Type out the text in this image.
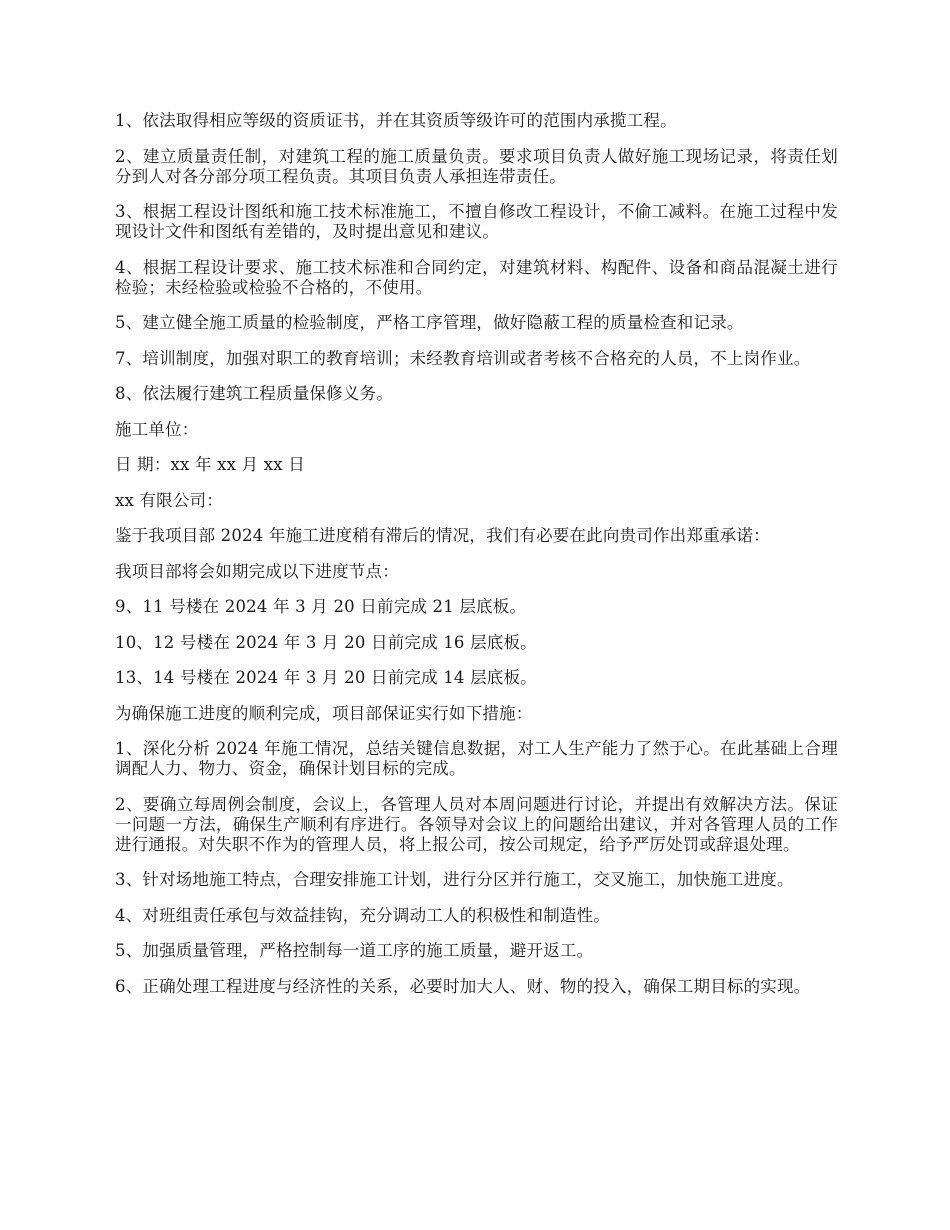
1、依法取得相应等级的资质证书，并在其资质等级许可的范围内承揽工程。

2、建立质量责任制，对建筑工程的施工质量负责。要求项目负责人做好施工现场记录，将责任划分到人对各分部分项工程负责。其项目负责人承担连带责任。

3、根据工程设计图纸和施工技术标准施工，不擅自修改工程设计，不偷工减料。在施工过程中发现设计文件和图纸有差错的，及时提出意见和建议。

4、根据工程设计要求、施工技术标准和合同约定，对建筑材料、构配件、设备和商品混凝土进行检验；未经检验或检验不合格的，不使用。

5、建立健全施工质量的检验制度，严格工序管理，做好隐蔽工程的质量检查和记录。

7、培训制度，加强对职工的教育培训；未经教育培训或者考核不合格充的人员，不上岗作业。

8、依法履行建筑工程质量保修义务。

施工单位：

日 期：xx 年 xx 月 xx 日

xx 有限公司：

鉴于我项目部 2024 年施工进度稍有滞后的情况，我们有必要在此向贵司作出郑重承诺：

我项目部将会如期完成以下进度节点：

9、11 号楼在 2024 年 3 月 20 日前完成 21 层底板。

10、12 号楼在 2024 年 3 月 20 日前完成 16 层底板。

13、14 号楼在 2024 年 3 月 20 日前完成 14 层底板。

为确保施工进度的顺利完成，项目部保证实行如下措施：

1、深化分析 2024 年施工情况，总结关键信息数据，对工人生产能力了然于心。在此基础上合理调配人力、物力、资金，确保计划目标的完成。

2、要确立每周例会制度，会议上，各管理人员对本周问题进行讨论，并提出有效解决方法。保证一问题一方法，确保生产顺利有序进行。各领导对会议上的问题给出建议，并对各管理人员的工作进行通报。对失职不作为的管理人员，将上报公司，按公司规定，给予严厉处罚或辞退处理。

3、针对场地施工特点，合理安排施工计划，进行分区并行施工，交叉施工，加快施工进度。

4、对班组责任承包与效益挂钩，充分调动工人的积极性和制造性。

5、加强质量管理，严格控制每一道工序的施工质量，避开返工。

6、正确处理工程进度与经济性的关系，必要时加大人、财、物的投入，确保工期目标的实现。
